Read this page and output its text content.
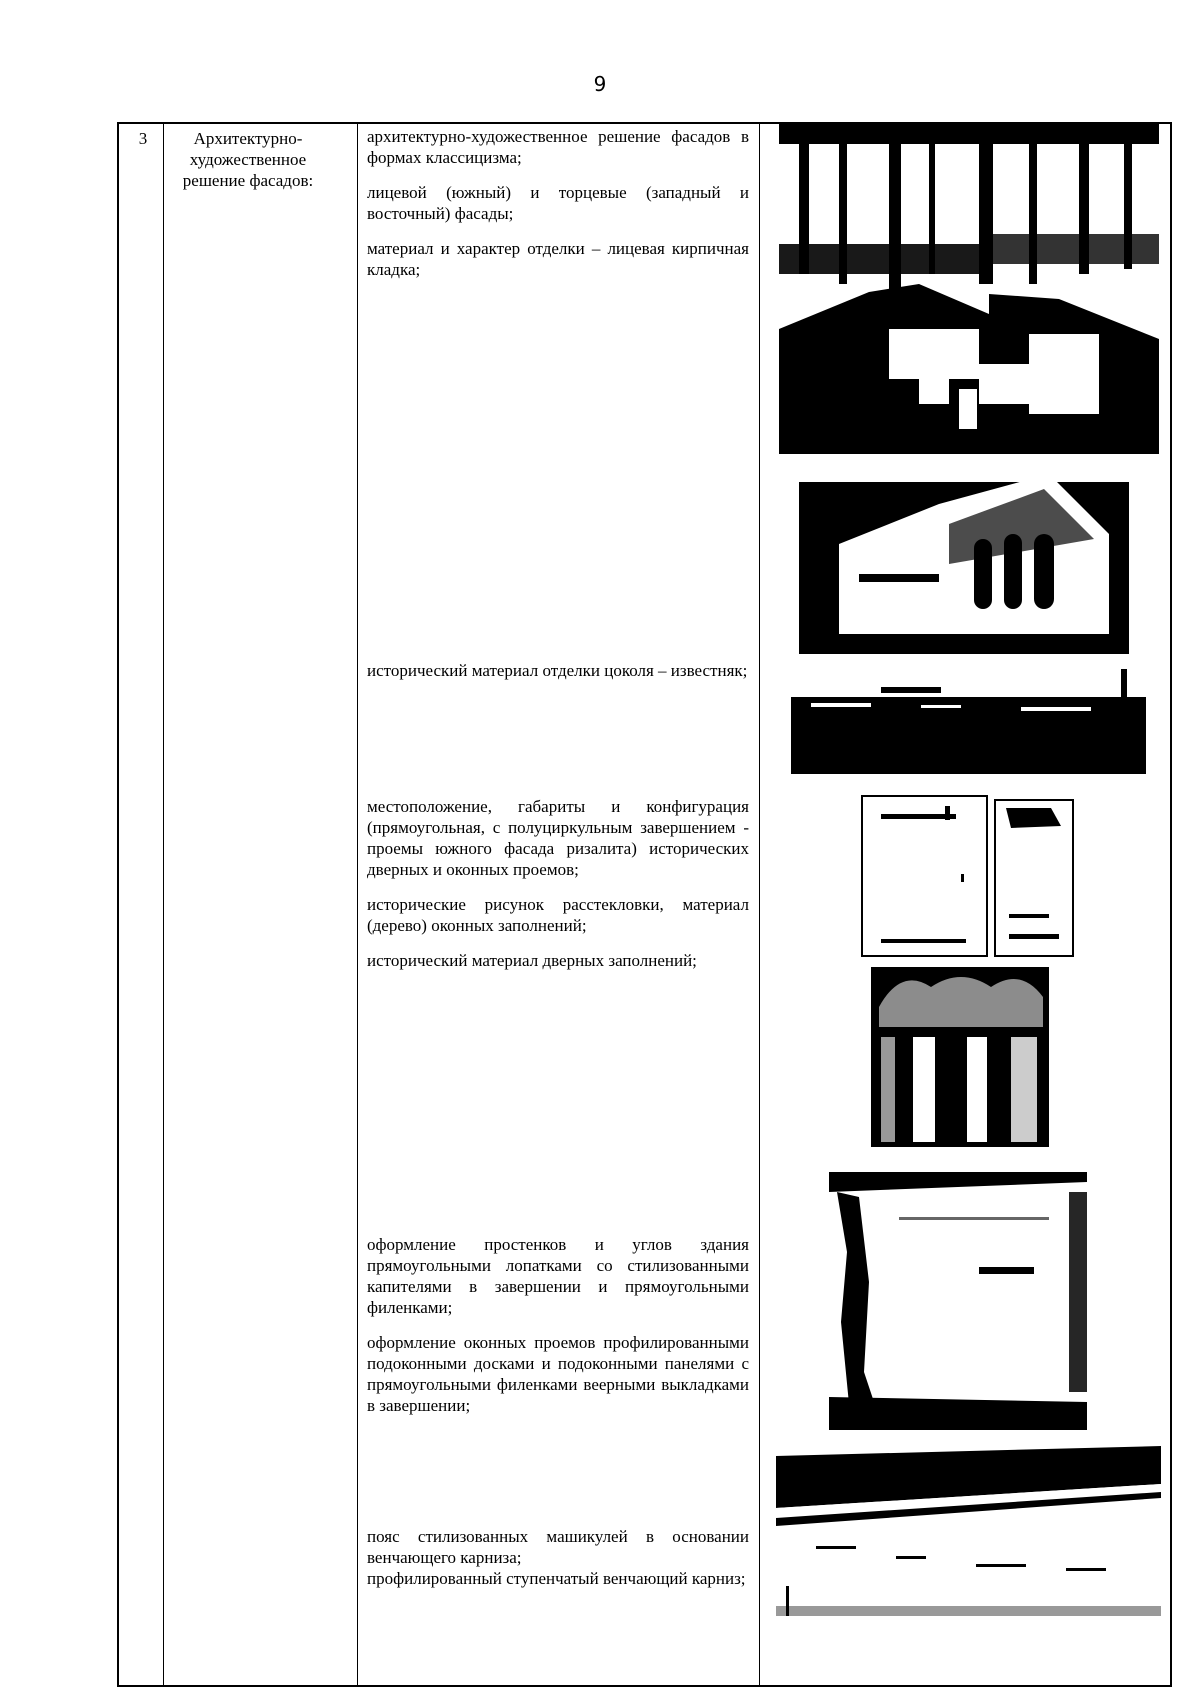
9
3	Архитектурно-художественное решение фасадов:

архитектурно-художественное решение фасадов в формах классицизма;

лицевой (южный) и торцевые (западный и восточный) фасады;

материал и характер отделки – лицевая кирпичная кладка;

исторический материал отделки цоколя – известняк;

местоположение, габариты и конфигурация (прямоугольная, с полуциркульным завершением - проемы южного фасада ризалита) исторических дверных и оконных проемов;

исторические рисунок расстекловки, материал (дерево) оконных заполнений;

исторический материал дверных заполнений;

оформление простенков и углов здания прямоугольными лопатками со стилизованными капителями в завершении и прямоугольными филенками;

оформление оконных проемов профилированными подоконными досками и подоконными панелями с прямоугольными филенками веерными выкладками в завершении;

пояс стилизованных машикулей в основании венчающего карниза;

профилированный ступенчатый венчающий карниз;
